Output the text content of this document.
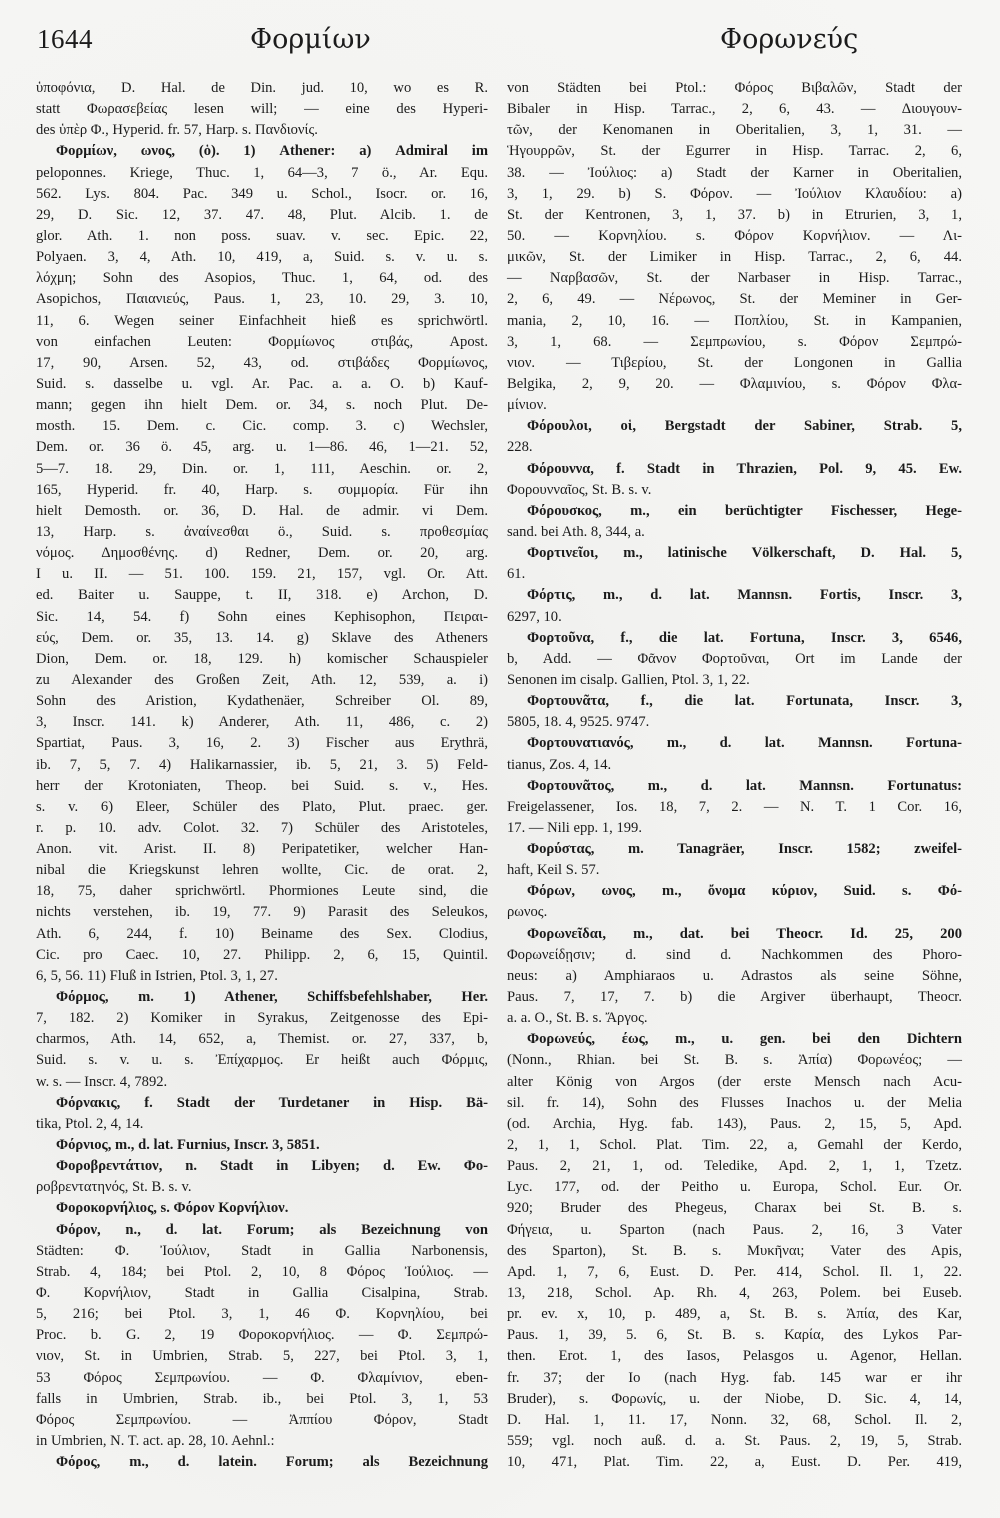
1644	Φορμίων	Φορωνεύς
ὑποφόνια, D. Hal. de Din. jud. 10, wo es R.
statt Φωρασεβείας lesen will; — eine des Hyperi-
des ὑπὲρ Φ., Hyperid. fr. 57, Harp. s. Πανδιονίς.
Φορμίων, ωνος, (ὁ). 1) Athener: a) Admiral im
peloponnes. Kriege, Thuc. 1, 64—3, 7 ö., Ar. Equ.
562. Lys. 804. Pac. 349 u. Schol., Isocr. or. 16,
29, D. Sic. 12, 37. 47. 48, Plut. Alcib. 1. de
glor. Ath. 1. non poss. suav. v. sec. Epic. 22,
Polyaen. 3, 4, Ath. 10, 419, a, Suid. s. v. u. s.
λόχμη; Sohn des Asopios, Thuc. 1, 64, od. des
Asopichos, Παιανιεύς, Paus. 1, 23, 10. 29, 3. 10,
11, 6. Wegen seiner Einfachheit hieß es sprichwörtl.
von einfachen Leuten: Φορμίωνος στιβάς, Apost.
17, 90, Arsen. 52, 43, od. στιβάδες Φορμίωνος,
Suid. s. dasselbe u. vgl. Ar. Pac. a. a. O. b) Kauf-
mann; gegen ihn hielt Dem. or. 34, s. noch Plut. De-
mosth. 15. Dem. c. Cic. comp. 3. c) Wechsler,
Dem. or. 36 ö. 45, arg. u. 1—86. 46, 1—21. 52,
5—7. 18. 29, Din. or. 1, 111, Aeschin. or. 2,
165, Hyperid. fr. 40, Harp. s. συμμορία. Für ihn
hielt Demosth. or. 36, D. Hal. de admir. vi Dem.
13, Harp. s. ἀναίνεσθαι ö., Suid. s. προθεσμίας
νόμος. Δημοσθένης. d) Redner, Dem. or. 20, arg.
I u. II. — 51. 100. 159. 21, 157, vgl. Or. Att.
ed. Baiter u. Sauppe, t. II, 318. e) Archon, D.
Sic. 14, 54. f) Sohn eines Kephisophon, Πειραι-
εύς, Dem. or. 35, 13. 14. g) Sklave des Atheners
Dion, Dem. or. 18, 129. h) komischer Schauspieler
zu Alexander des Großen Zeit, Ath. 12, 539, a. i)
Sohn des Aristion, Kydathenäer, Schreiber Ol. 89,
3, Inscr. 141. k) Anderer, Ath. 11, 486, c. 2)
Spartiat, Paus. 3, 16, 2. 3) Fischer aus Erythrä,
ib. 7, 5, 7. 4) Halikarnassier, ib. 5, 21, 3. 5) Feld-
herr der Krotoniaten, Theop. bei Suid. s. v., Hes.
s. v. 6) Eleer, Schüler des Plato, Plut. praec. ger.
r. p. 10. adv. Colot. 32. 7) Schüler des Aristoteles,
Anon. vit. Arist. II. 8) Peripatetiker, welcher Han-
nibal die Kriegskunst lehren wollte, Cic. de orat. 2,
18, 75, daher sprichwörtl. Phormiones Leute sind, die
nichts verstehen, ib. 19, 77. 9) Parasit des Seleukos,
Ath. 6, 244, f. 10) Beiname des Sex. Clodius,
Cic. pro Caec. 10, 27. Philipp. 2, 6, 15, Quintil.
6, 5, 56. 11) Fluß in Istrien, Ptol. 3, 1, 27.
Φόρμος, m. 1) Athener, Schiffsbefehlshaber, Her.
7, 182. 2) Komiker in Syrakus, Zeitgenosse des Epi-
charmos, Ath. 14, 652, a, Themist. or. 27, 337, b,
Suid. s. v. u. s. Ἐπίχαρμος. Er heißt auch Φόρμις,
w. s. — Inscr. 4, 7892.
Φόρνακις, f. Stadt der Turdetaner in Hisp. Bä-
tika, Ptol. 2, 4, 14.
Φόρνιος, m., d. lat. Furnius, Inscr. 3, 5851.
Φοροβρεντάτιον, n. Stadt in Libyen; d. Ew. Φο-
ροβρεντατηνός, St. B. s. v.
Φοροκορνήλιος, s. Φόρον Κορνήλιον.
Φόρον, n., d. lat. Forum; als Bezeichnung von
Städten: Φ. Ἰούλιον, Stadt in Gallia Narbonensis,
Strab. 4, 184; bei Ptol. 2, 10, 8 Φόρος Ἰούλιος. —
Φ. Κορνήλιον, Stadt in Gallia Cisalpina, Strab.
5, 216; bei Ptol. 3, 1, 46 Φ. Κορνηλίου, bei
Proc. b. G. 2, 19 Φοροκορνήλιος. — Φ. Σεμπρώ-
νιον, St. in Umbrien, Strab. 5, 227, bei Ptol. 3, 1,
53 Φόρος Σεμπρωνίου. — Φ. Φλαμίνιον, eben-
falls in Umbrien, Strab. ib., bei Ptol. 3, 1, 53
Φόρος Σεμπρωνίου. — Ἀππίου Φόρον, Stadt
in Umbrien, N. T. act. ap. 28, 10. Aehnl.:
Φόρος, m., d. latein. Forum; als Bezeichnung
von Städten bei Ptol.: Φόρος Βιβαλῶν, Stadt der
Bibaler in Hisp. Tarrac., 2, 6, 43. — Διουγουν-
τῶν, der Kenomanen in Oberitalien, 3, 1, 31. —
Ἡγουρρῶν, St. der Egurrer in Hisp. Tarrac. 2, 6,
38. — Ἰούλιος: a) Stadt der Karner in Oberitalien,
3, 1, 29. b) S. Φόρον. — Ἰούλιον Κλαυδίου: a)
St. der Kentronen, 3, 1, 37. b) in Etrurien, 3, 1,
50. — Κορνηλίου. s. Φόρον Κορνήλιον. — Λι-
μικῶν, St. der Limiker in Hisp. Tarrac., 2, 6, 44.
— Ναρβασῶν, St. der Narbaser in Hisp. Tarrac.,
2, 6, 49. — Νέρωνος, St. der Meminer in Ger-
mania, 2, 10, 16. — Ποπλίου, St. in Kampanien,
3, 1, 68. — Σεμπρωνίου, s. Φόρον Σεμπρώ-
νιον. — Τιβερίου, St. der Longonen in Gallia
Belgika, 2, 9, 20. — Φλαμινίου, s. Φόρον Φλα-
μίνιον.
Φόρουλοι, οἱ, Bergstadt der Sabiner, Strab. 5,
228.
Φόρουννα, f. Stadt in Thrazien, Pol. 9, 45. Ew.
Φορουνναῖος, St. B. s. v.
Φόρουσκος, m., ein berüchtigter Fischesser, Hege-
sand. bei Ath. 8, 344, a.
Φορτινεῖοι, m., latinische Völkerschaft, D. Hal. 5,
61.
Φόρτις, m., d. lat. Mannsn. Fortis, Inscr. 3,
6297, 10.
Φορτοῦνα, f., die lat. Fortuna, Inscr. 3, 6546,
b, Add. — Φᾶνον Φορτοῦναι, Ort im Lande der
Senonen im cisalp. Gallien, Ptol. 3, 1, 22.
Φορτουνᾶτα, f., die lat. Fortunata, Inscr. 3,
5805, 18. 4, 9525. 9747.
Φορτουνατιανός, m., d. lat. Mannsn. Fortuna-
tianus, Zos. 4, 14.
Φορτουνᾶτος, m., d. lat. Mannsn. Fortunatus:
Freigelassener, Ios. 18, 7, 2. — N. T. 1 Cor. 16,
17. — Nili epp. 1, 199.
Φορύστας, m. Tanagräer, Inscr. 1582; zweifel-
haft, Keil S. 57.
Φόρων, ωνος, m., ὄνομα κύριον, Suid. s. Φό-
ρωνος.
Φορωνεῖδαι, m., dat. bei Theocr. Id. 25, 200
Φορωνείδῃσιν; d. sind d. Nachkommen des Phoro-
neus: a) Amphiaraos u. Adrastos als seine Söhne,
Paus. 7, 17, 7. b) die Argiver überhaupt, Theocr.
a. a. O., St. B. s. Ἄργος.
Φορωνεύς, έως, m., u. gen. bei den Dichtern
(Nonn., Rhian. bei St. B. s. Ἀπία) Φορωνέος; —
alter König von Argos (der erste Mensch nach Acu-
sil. fr. 14), Sohn des Flusses Inachos u. der Melia
(od. Archia, Hyg. fab. 143), Paus. 2, 15, 5, Apd.
2, 1, 1, Schol. Plat. Tim. 22, a, Gemahl der Kerdo,
Paus. 2, 21, 1, od. Teledike, Apd. 2, 1, 1, Tzetz.
Lyc. 177, od. der Peitho u. Europa, Schol. Eur. Or.
920; Bruder des Phegeus, Charax bei St. B. s.
Φήγεια, u. Sparton (nach Paus. 2, 16, 3 Vater
des Sparton), St. B. s. Μυκῆναι; Vater des Apis,
Apd. 1, 7, 6, Eust. D. Per. 414, Schol. Il. 1, 22.
13, 218, Schol. Ap. Rh. 4, 263, Polem. bei Euseb.
pr. ev. x, 10, p. 489, a, St. B. s. Ἀπία, des Kar,
Paus. 1, 39, 5. 6, St. B. s. Καρία, des Lykos Par-
then. Erot. 1, des Iasos, Pelasgos u. Agenor, Hellan.
fr. 37; der Io (nach Hyg. fab. 145 war er ihr
Bruder), s. Φορωνίς, u. der Niobe, D. Sic. 4, 14,
D. Hal. 1, 11. 17, Nonn. 32, 68, Schol. Il. 2,
559; vgl. noch auß. d. a. St. Paus. 2, 19, 5, Strab.
10, 471, Plat. Tim. 22, a, Eust. D. Per. 419,
